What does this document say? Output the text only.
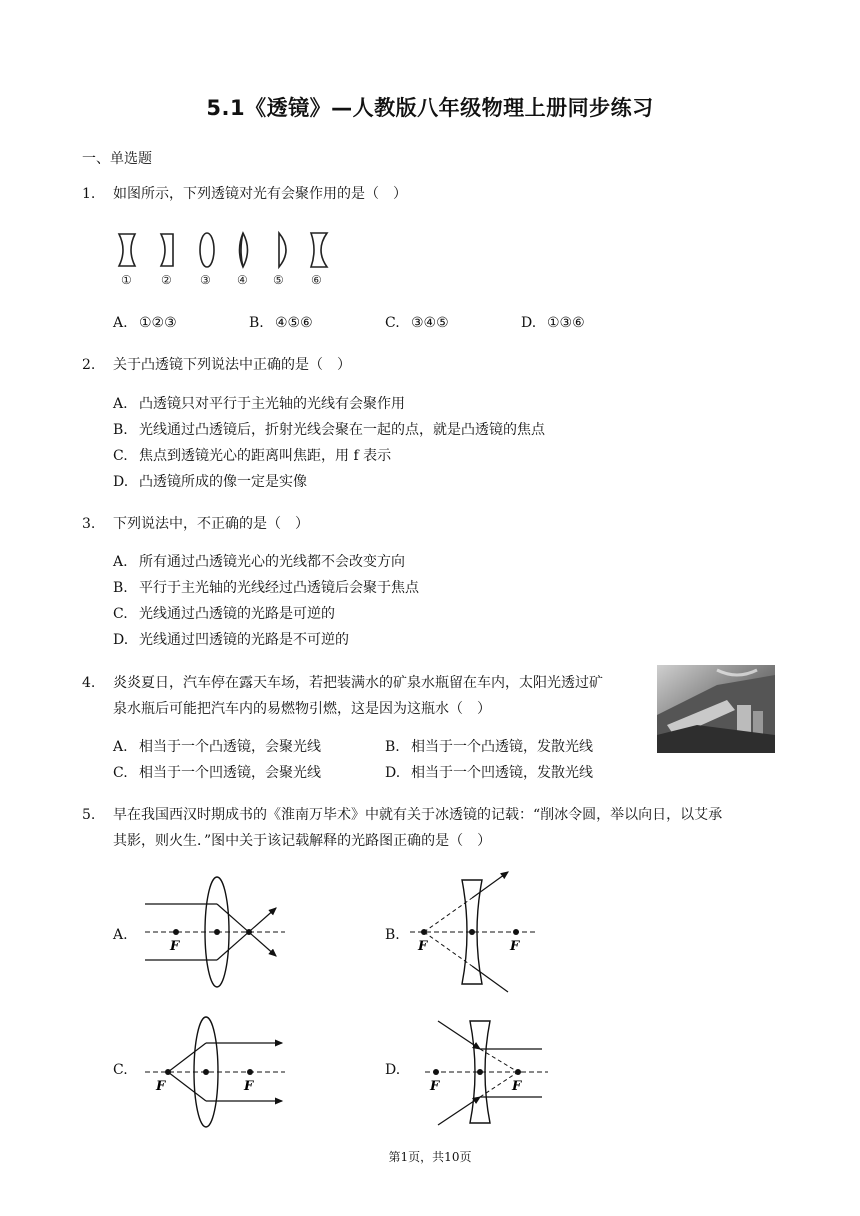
5.1《透镜》—人教版八年级物理上册同步练习
一、单选题
1. 如图所示，下列透镜对光有会聚作用的是（　）
① ② ③ ④ ⑤ ⑥
A. ①②③	B. ④⑤⑥	C. ③④⑤	D. ①③⑥
2. 关于凸透镜下列说法中正确的是（　）
A. 凸透镜只对平行于主光轴的光线有会聚作用
B. 光线通过凸透镜后，折射光线会聚在一起的点，就是凸透镜的焦点
C. 焦点到透镜光心的距离叫焦距，用 f 表示
D. 凸透镜所成的像一定是实像
3. 下列说法中，不正确的是（　）
A. 所有通过凸透镜光心的光线都不会改变方向
B. 平行于主光轴的光线经过凸透镜后会聚于焦点
C. 光线通过凸透镜的光路是可逆的
D. 光线通过凹透镜的光路是不可逆的
4. 炎炎夏日，汽车停在露天车场，若把装满水的矿泉水瓶留在车内，太阳光透过矿
泉水瓶后可能把汽车内的易燃物引燃，这是因为这瓶水（　）
A. 相当于一个凸透镜，会聚光线	B. 相当于一个凸透镜，发散光线
C. 相当于一个凹透镜，会聚光线	D. 相当于一个凹透镜，发散光线
5. 早在我国西汉时期成书的《淮南万毕术》中就有关于冰透镜的记载：“削冰令圆，举以向日，以艾承
其影，则火生．”图中关于该记载解释的光路图正确的是（　）
A.	B.
C.	D.
F	F	F
F	F	F	F
第1页，共10页
